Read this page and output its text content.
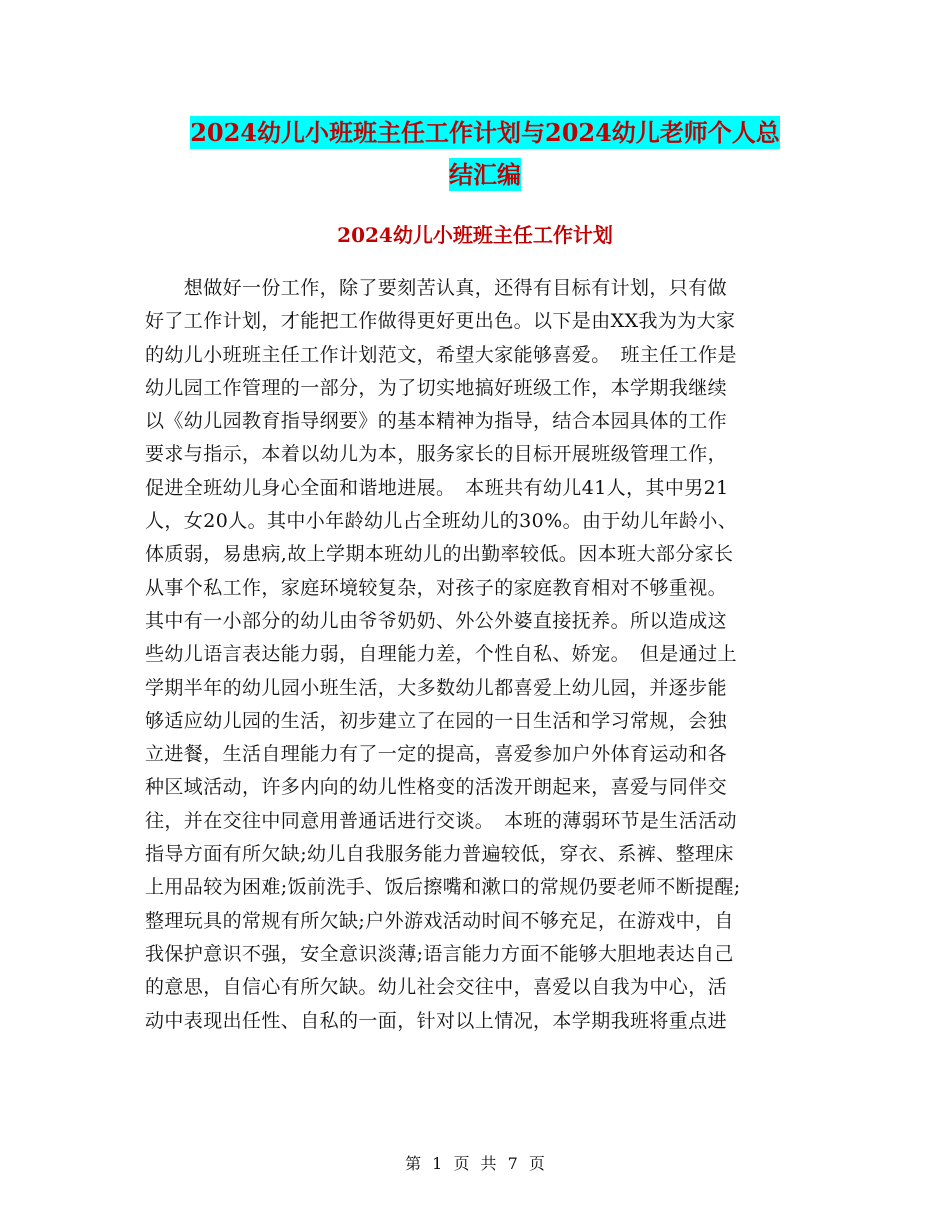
2024幼儿小班班主任工作计划与2024幼儿老师个人总
结汇编
2024幼儿小班班主任工作计划
　　想做好一份工作，除了要刻苦认真，还得有目标有计划，只有做
好了工作计划，才能把工作做得更好更出色。以下是由XX我为为大家
的幼儿小班班主任工作计划范文，希望大家能够喜爱。　班主任工作是
幼儿园工作管理的一部分，为了切实地搞好班级工作，本学期我继续
以《幼儿园教育指导纲要》的基本精神为指导，结合本园具体的工作
要求与指示，本着以幼儿为本，服务家长的目标开展班级管理工作，
促进全班幼儿身心全面和谐地进展。　本班共有幼儿41人，其中男21
人，女20人。其中小年龄幼儿占全班幼儿的30%。由于幼儿年龄小、
体质弱，易患病,故上学期本班幼儿的出勤率较低。因本班大部分家长
从事个私工作，家庭环境较复杂，对孩子的家庭教育相对不够重视。
其中有一小部分的幼儿由爷爷奶奶、外公外婆直接抚养。所以造成这
些幼儿语言表达能力弱，自理能力差，个性自私、娇宠。　但是通过上
学期半年的幼儿园小班生活，大多数幼儿都喜爱上幼儿园，并逐步能
够适应幼儿园的生活，初步建立了在园的一日生活和学习常规，会独
立进餐，生活自理能力有了一定的提高，喜爱参加户外体育运动和各
种区域活动，许多内向的幼儿性格变的活泼开朗起来，喜爱与同伴交
往，并在交往中同意用普通话进行交谈。　本班的薄弱环节是生活活动
指导方面有所欠缺;幼儿自我服务能力普遍较低，穿衣、系裤、整理床
上用品较为困难;饭前洗手、饭后擦嘴和漱口的常规仍要老师不断提醒;
整理玩具的常规有所欠缺;户外游戏活动时间不够充足，在游戏中，自
我保护意识不强，安全意识淡薄;语言能力方面不能够大胆地表达自己
的意思，自信心有所欠缺。幼儿社会交往中，喜爱以自我为中心，活
动中表现出任性、自私的一面，针对以上情况，本学期我班将重点进
第 1 页 共 7 页
